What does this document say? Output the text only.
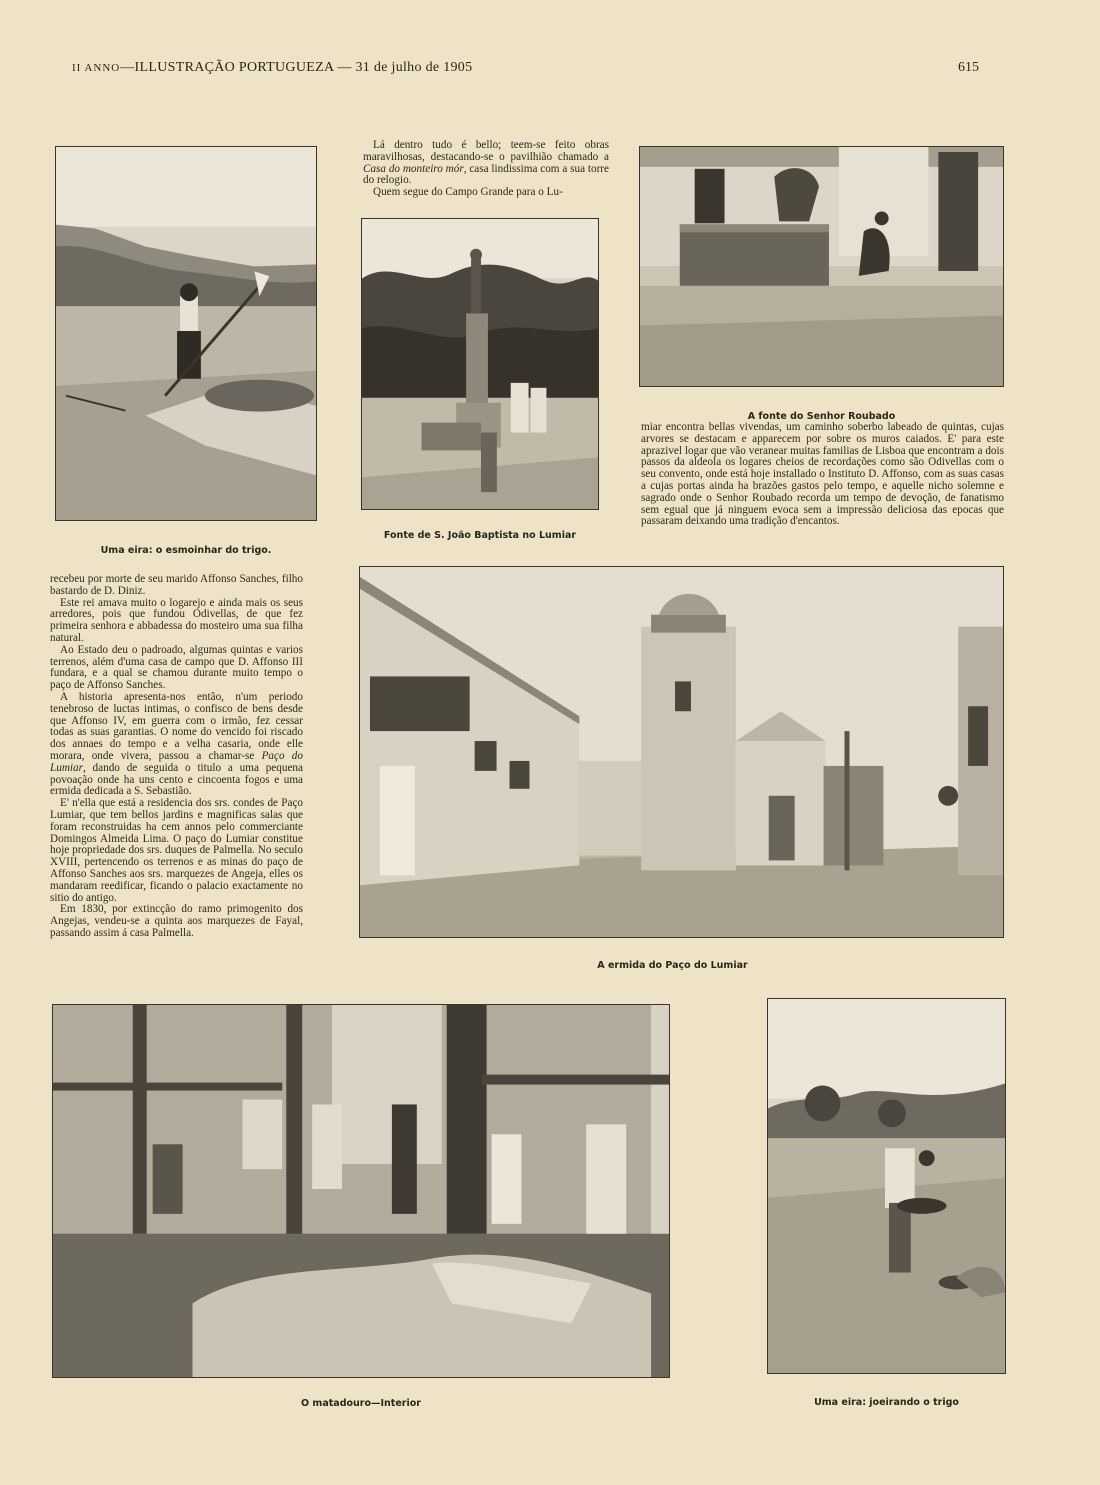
II ANNO—ILLUSTRAÇÃO PORTUGUEZA — 31 de julho de 1905	615
Uma eira: o esmoinhar do trigo.

Lá dentro tudo é bello; teem-se feito obras maravilhosas, destacando-se o pavilhião chamado a Casa do monteiro mór, casa lindissima com a sua torre do relogio.

Quem segue do Campo Grande para o Lu-

Fonte de S. João Baptista no Lumiar
A fonte do Senhor Roubado

miar encontra bellas vivendas, um caminho soberbo labeado de quintas, cujas arvores se destacam e apparecem por sobre os muros caiados. E' para este aprazivel logar que vão veranear muitas familias de Lisboa que encontram a dois passos da aldeola os logares cheios de recordações como são Odivellas com o seu convento, onde está hoje installado o Instituto D. Affonso, com as suas casas a cujas portas ainda ha brazões gastos pelo tempo, e aquelle nicho solemne e sagrado onde o Senhor Roubado recorda um tempo de devoção, de fanatismo sem egual que já ninguem evoca sem a impressão deliciosa das epocas que passaram deixando uma tradição d'encantos.

recebeu por morte de seu marido Affonso Sanches, filho bastardo de D. Diniz.

Este rei amava muito o logarejo e ainda mais os seus arredores, pois que fundou Odivellas, de que fez primeira senhora e abbadessa do mosteiro uma sua filha natural.

Ao Estado deu o padroado, algumas quintas e varios terrenos, além d'uma casa de campo que D. Affonso III fundara, e a qual se chamou durante muito tempo o paço de Affonso Sanches.

A historia apresenta-nos então, n'um periodo tenebroso de luctas intimas, o confisco de bens desde que Affonso IV, em guerra com o irmão, fez cessar todas as suas garantias. O nome do vencido foi riscado dos annaes do tempo e a velha casaria, onde elle morara, onde vivera, passou a chamar-se Paço do Lumiar, dando de seguida o titulo a uma pequena povoação onde ha uns cento e cincoenta fogos e uma ermida dedicada a S. Sebastião.

E' n'ella que está a residencia dos srs. condes de Paço Lumiar, que tem bellos jardins e magnificas salas que foram reconstruidas ha cem annos pelo commerciante Domingos Almeida Lima. O paço do Lumiar constitue hoje propriedade dos srs. duques de Palmella. No seculo XVIII, pertencendo os terrenos e as minas do paço de Affonso Sanches aos srs. marquezes de Angeja, elles os mandaram reedificar, ficando o palacio exactamente no sitio do antigo.

Em 1830, por extincção do ramo primogenito dos Angejas, vendeu-se a quinta aos marquezes de Fayal, passando assim á casa Palmella.

A ermida do Paço do Lumiar
O matadouro—Interior	Uma eira: joeirando o trigo
